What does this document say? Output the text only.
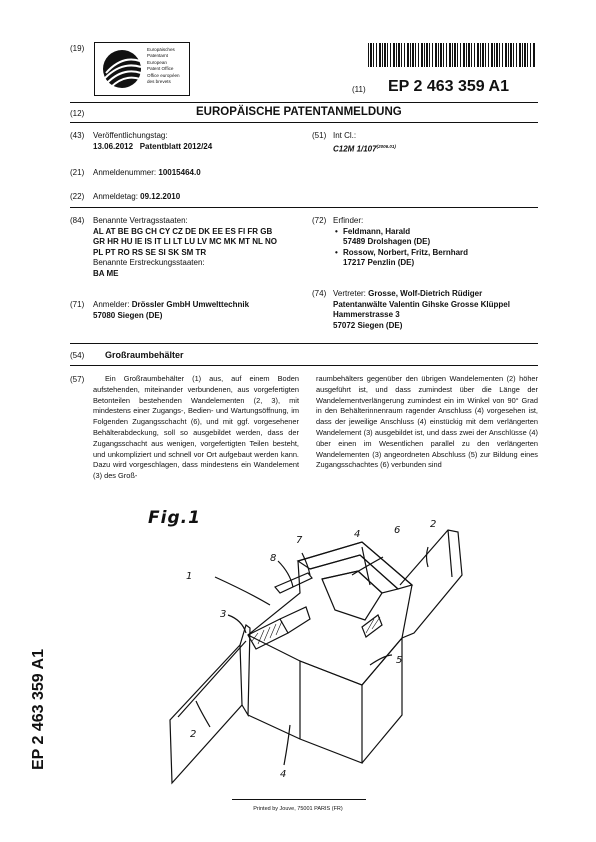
(19)	Europäisches
Patentamt
European
Patent Office
Office européen
des brevets
(11) EP 2 463 359 A1
(12)	EUROPÄISCHE PATENTANMELDUNG
(43) Veröffentlichungstag:
13.06.2012   Patentblatt 2012/24
(21) Anmeldenummer: 10015464.0
(22) Anmeldetag: 09.12.2010
(51) Int Cl.:
C12M $1/107^{(2006.01)}$
(84) Benannte Vertragsstaaten:
AL AT BE BG CH CY CZ DE DK EE ES FI FR GB
GR HR HU IE IS IT LI LT LU LV MC MK MT NL NO
PL PT RO RS SE SI SK SM TR
Benannte Erstreckungsstaaten:
BA ME
(71) Anmelder: Drössler GmbH Umwelttechnik
57080 Siegen (DE)
(72) Erfinder:
• Feldmann, Harald
57489 Drolshagen (DE)
• Rossow, Norbert, Fritz, Bernhard
17217 Penzlin (DE)
(74) Vertreter: Grosse, Wolf-Dietrich Rüdiger
Patentanwälte Valentin Gihske Grosse Klüppel
Hammerstrasse 3
57072 Siegen (DE)
(54) Großraumbehälter
(57)	Ein Großraumbehälter (1) aus, auf einem Boden aufstehenden, miteinander verbundenen, aus vorgefertigten Betonteilen bestehenden Wandelementen (2, 3), mit mindestens einer Zugangs-, Bedien- und Wartungsöffnung, im Folgenden Zugangsschacht (6), und mit ggf. vorgesehener Behälterabdeckung, soll so ausgebildet werden, dass der Zugangsschacht aus wenigen, vorgefertigten Teilen besteht, und unkompliziert und schnell vor Ort aufgebaut werden kann. Dazu wird vorgeschlagen, dass mindestens ein Wandelement (3) des Groß-
raumbehälters gegenüber den übrigen Wandelementen (2) höher ausgeführt ist, und dass zumindest über die Länge der Wandelementverlängerung zumindest ein im Winkel von 90° Grad in den Behälterinnenraum ragender Anschluss (4) vorgesehen ist, dass der jeweilige Anschluss (4) einstückig mit dem verlängerten Wandelement (3) ausgebildet ist, und dass zwei der Anschlüsse (4) über einen im Wesentlichen parallel zu den verlängerten Wandelementen (3) angeordneten Abschluss (5) zur Bildung eines Zugangsschachtes (6) verbunden sind
Fig.1
1
2
2
3
4
4
5
6
7
8
EP 2 463 359 A1
Printed by Jouve, 75001 PARIS (FR)
